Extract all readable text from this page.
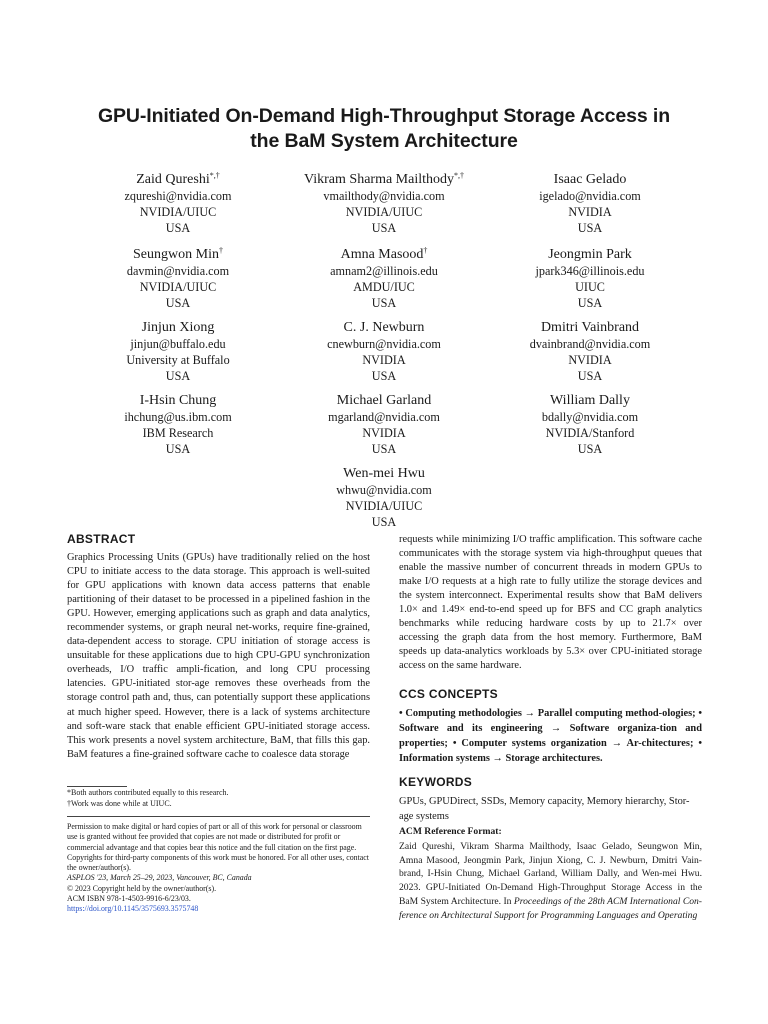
GPU-Initiated On-Demand High-Throughput Storage Access in
the BaM System Architecture
Zaid Qureshi*,†
zqureshi@nvidia.com
NVIDIA/UIUC
USA
Vikram Sharma Mailthody*,†
vmailthody@nvidia.com
NVIDIA/UIUC
USA
Isaac Gelado
igelado@nvidia.com
NVIDIA
USA
Seungwon Min†
davmin@nvidia.com
NVIDIA/UIUC
USA
Amna Masood†
amnam2@illinois.edu
AMDU/IUC
USA
Jeongmin Park
jpark346@illinois.edu
UIUC
USA
Jinjun Xiong
jinjun@buffalo.edu
University at Buffalo
USA
C. J. Newburn
cnewburn@nvidia.com
NVIDIA
USA
Dmitri Vainbrand
dvainbrand@nvidia.com
NVIDIA
USA
I-Hsin Chung
ihchung@us.ibm.com
IBM Research
USA
Michael Garland
mgarland@nvidia.com
NVIDIA
USA
William Dally
bdally@nvidia.com
NVIDIA/Stanford
USA
Wen-mei Hwu
whwu@nvidia.com
NVIDIA/UIUC
USA
ABSTRACT

Graphics Processing Units (GPUs) have traditionally relied on the host CPU to initiate access to the data storage. This approach is well-suited for GPU applications with known data access patterns that enable partitioning of their dataset to be processed in a pipelined fashion in the GPU. However, emerging applications such as graph and data analytics, recommender systems, or graph neural net-works, require fine-grained, data-dependent access to storage. CPU initiation of storage access is unsuitable for these applications due to high CPU-GPU synchronization overheads, I/O traffic ampli-fication, and long CPU processing latencies. GPU-initiated stor-age removes these overheads from the storage control path and, thus, can potentially support these applications at much higher speed. However, there is a lack of systems architecture and soft-ware stack that enable efficient GPU-initiated storage access. This work presents a novel system architecture, BaM, that fills this gap. BaM features a fine-grained software cache to coalesce data storage

*Both authors contributed equally to this research.
†Work was done while at UIUC.
Permission to make digital or hard copies of part or all of this work for personal or classroom use is granted without fee provided that copies are not made or distributed for profit or commercial advantage and that copies bear this notice and the full citation on the first page. Copyrights for third-party components of this work must be honored. For all other uses, contact the owner/author(s).
ASPLOS '23, March 25–29, 2023, Vancouver, BC, Canada
© 2023 Copyright held by the owner/author(s).
ACM ISBN 978-1-4503-9916-6/23/03.
https://doi.org/10.1145/3575693.3575748

requests while minimizing I/O traffic amplification. This software cache communicates with the storage system via high-throughput queues that enable the massive number of concurrent threads in modern GPUs to make I/O requests at a high rate to fully utilize the storage devices and the system interconnect. Experimental results show that BaM delivers 1.0× and 1.49× end-to-end speed up for BFS and CC graph analytics benchmarks while reducing hardware costs by up to 21.7× over accessing the graph data from the host memory. Furthermore, BaM speeds up data-analytics workloads by 5.3× over CPU-initiated storage access on the same hardware.

CCS CONCEPTS
• Computing methodologies → Parallel computing method-ologies; • Software and its engineering → Software organiza-tion and properties; • Computer systems organization → Ar-chitectures; • Information systems → Storage architectures.
KEYWORDS
GPUs, GPUDirect, SSDs, Memory capacity, Memory hierarchy, Stor-age systems
ACM Reference Format:
Zaid Qureshi, Vikram Sharma Mailthody, Isaac Gelado, Seungwon Min, Amna Masood, Jeongmin Park, Jinjun Xiong, C. J. Newburn, Dmitri Vain-brand, I-Hsin Chung, Michael Garland, William Dally, and Wen-mei Hwu. 2023. GPU-Initiated On-Demand High-Throughput Storage Access in the BaM System Architecture. In Proceedings of the 28th ACM International Con-ference on Architectural Support for Programming Languages and Operating
